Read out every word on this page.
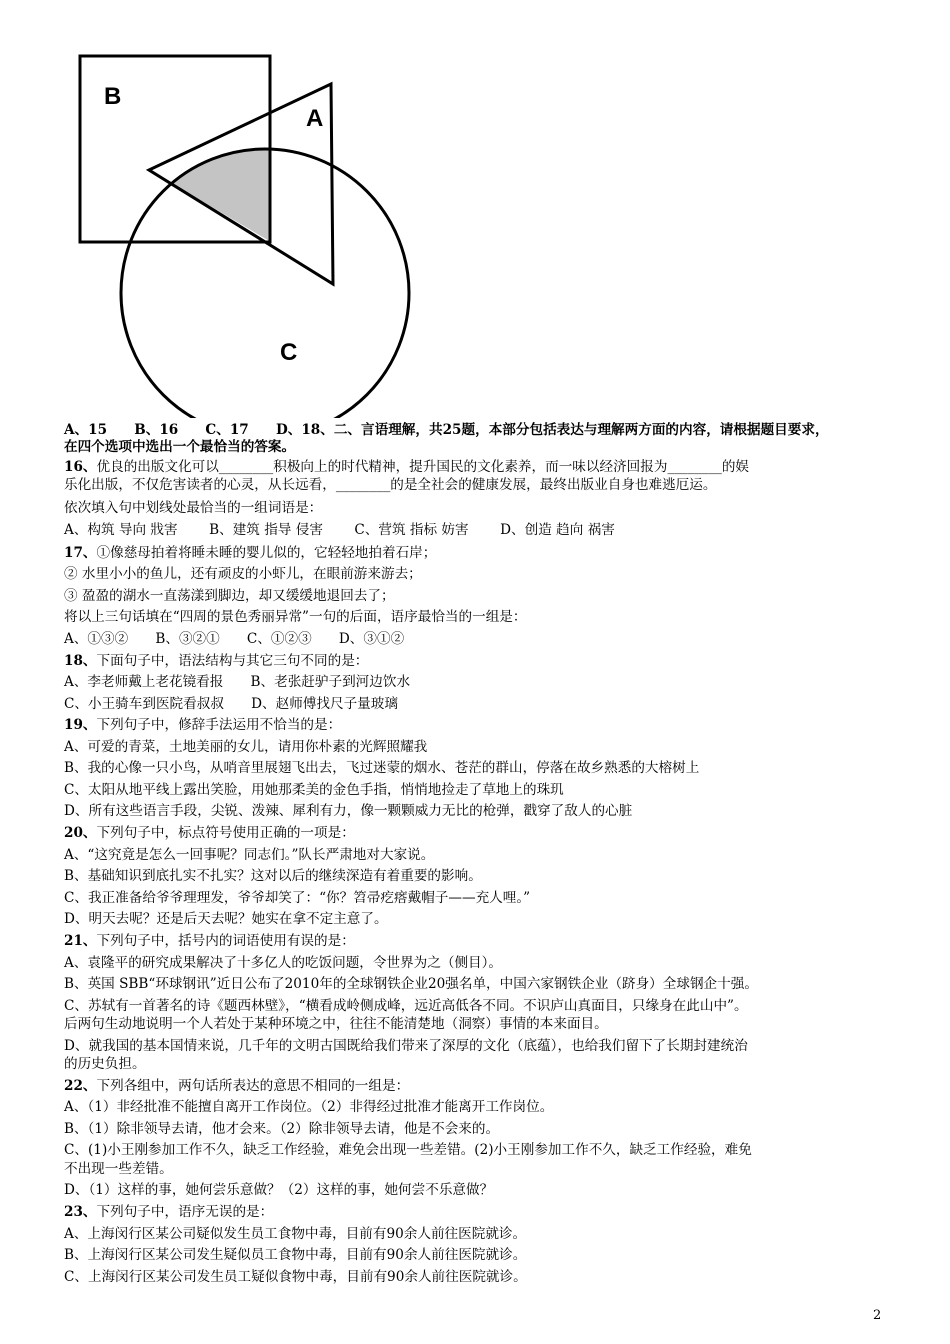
B
A
C
A、15　　B、16　　C、17　　D、18、二、言语理解，共25题，本部分包括表达与理解两方面的内容，请根据题目要求，
在四个选项中选出一个最恰当的答案。
16、优良的出版文化可以________积极向上的时代精神，提升国民的文化素养，而一味以经济回报为________的娱
乐化出版，不仅危害读者的心灵，从长远看，________的是全社会的健康发展，最终出版业自身也难逃厄运。
依次填入句中划线处最恰当的一组词语是：
A、构筑 导向 戕害　　 B、建筑 指导 侵害　　 C、营筑 指标 妨害　　 D、创造 趋向 祸害
17、①像慈母拍着将睡未睡的婴儿似的，它轻轻地拍着石岸；
② 水里小小的鱼儿，还有顽皮的小虾儿，在眼前游来游去；
③ 盈盈的湖水一直荡漾到脚边，却又缓缓地退回去了；
将以上三句话填在“四周的景色秀丽异常”一句的后面，语序最恰当的一组是：
A、①③②　　B、③②①　　C、①②③　　D、③①②
18、下面句子中，语法结构与其它三句不同的是：
A、李老师戴上老花镜看报　　B、老张赶驴子到河边饮水
C、小王骑车到医院看叔叔　　D、赵师傅找尺子量玻璃
19、下列句子中，修辞手法运用不恰当的是：
A、可爱的青菜，土地美丽的女儿，请用你朴素的光辉照耀我
B、我的心像一只小鸟，从哨音里展翅飞出去，飞过迷蒙的烟水、苍茫的群山，停落在故乡熟悉的大榕树上
C、太阳从地平线上露出笑脸，用她那柔美的金色手指，悄悄地捡走了草地上的珠玑
D、所有这些语言手段，尖锐、泼辣、犀利有力，像一颗颗威力无比的枪弹，戳穿了敌人的心脏
20、下列句子中，标点符号使用正确的一项是：
A、“这究竟是怎么一回事呢？同志们。”队长严肃地对大家说。
B、基础知识到底扎实不扎实？这对以后的继续深造有着重要的影响。
C、我正准备给爷爷理理发，爷爷却笑了：“你？笤帚疙瘩戴帽子——充人哩。”
D、明天去呢？还是后天去呢？她实在拿不定主意了。
21、下列句子中，括号内的词语使用有误的是：
A、袁隆平的研究成果解决了十多亿人的吃饭问题，令世界为之（侧目）。
B、英国 SBB“环球钢讯”近日公布了2010年的全球钢铁企业20强名单，中国六家钢铁企业（跻身）全球钢企十强。
C、苏轼有一首著名的诗《题西林壁》，“横看成岭侧成峰，远近高低各不同。不识庐山真面目，只缘身在此山中”。
后两句生动地说明一个人若处于某种环境之中，往往不能清楚地（洞察）事情的本来面目。
D、就我国的基本国情来说，几千年的文明古国既给我们带来了深厚的文化（底蕴），也给我们留下了长期封建统治
的历史负担。
22、下列各组中，两句话所表达的意思不相同的一组是：
A、（1）非经批准不能擅自离开工作岗位。（2）非得经过批准才能离开工作岗位。
B、（1）除非领导去请，他才会来。（2）除非领导去请，他是不会来的。
C、(1)小王刚参加工作不久，缺乏工作经验，难免会出现一些差错。(2)小王刚参加工作不久，缺乏工作经验，难免
不出现一些差错。
D、（1）这样的事，她何尝乐意做？（2）这样的事，她何尝不乐意做？
23、下列句子中，语序无误的是：
A、上海闵行区某公司疑似发生员工食物中毒，目前有90余人前往医院就诊。
B、上海闵行区某公司发生疑似员工食物中毒，目前有90余人前往医院就诊。
C、上海闵行区某公司发生员工疑似食物中毒，目前有90余人前往医院就诊。
2
